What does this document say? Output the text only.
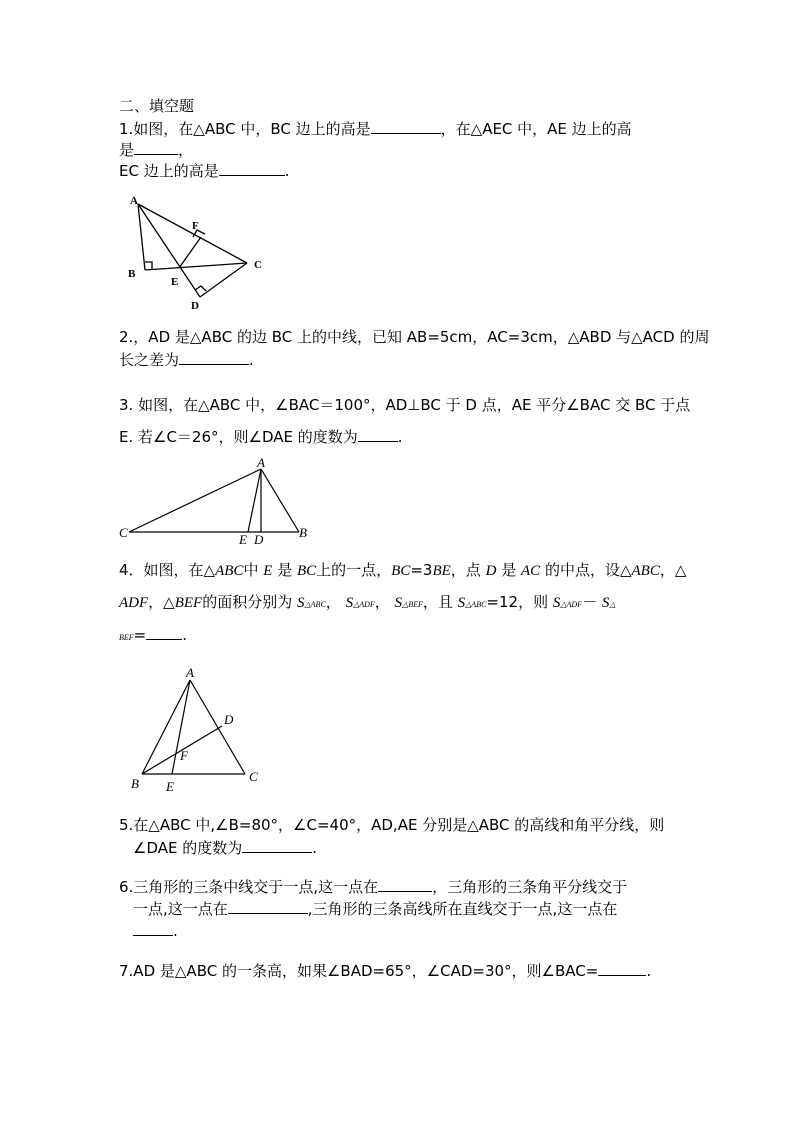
二、填空题
1.如图，在△ABC 中，BC 边上的高是	，在△AEC 中，AE 边上的高
是	，
EC 边上的高是	.
A
B
C
D
E
F
2.，AD 是△ABC 的边 BC 上的中线，已知 AB=5cm，AC=3cm，△ABD 与△ACD 的周
长之差为	.
3. 如图，在△ABC 中，∠BAC＝100°，AD⊥BC 于 D 点，AE 平分∠BAC 交 BC 于点
E. 若∠C＝26°，则∠DAE 的度数为	.
A
C	B
E D
4．如图，在△ABC中 E 是 BC上的一点，BC=3BE，点 D 是 AC 的中点，设△ABC，△
ADF，△BEF的面积分别为 S△ABC， S△ADF， S△BEF，且 S△ABC=12，则 S△ADF－ S△
BEF= .
A
B	C
D
E
F
5.在△ABC 中,∠B=80°，∠C=40°，AD,AE 分别是△ABC 的高线和角平分线，则
∠DAE 的度数为	.
6.三角形的三条中线交于一点,这一点在	，三角形的三条角平分线交于
一点,这一点在	,三角形的三条高线所在直线交于一点,这一点在
.
7.AD 是△ABC 的一条高，如果∠BAD=65°，∠CAD=30°，则∠BAC=	.
